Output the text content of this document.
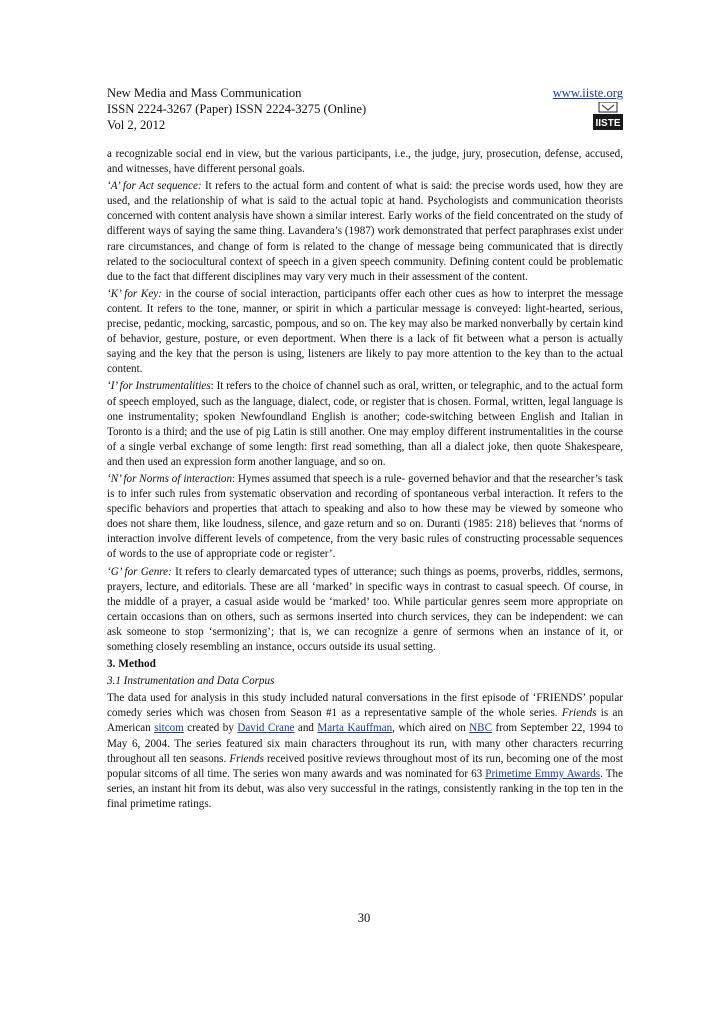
New Media and Mass Communication	www.iiste.org
ISSN 2224-3267 (Paper) ISSN 2224-3275 (Online)
Vol 2, 2012	IISTE

a recognizable social end in view, but the various participants, i.e., the judge, jury, prosecution, defense, accused, and witnesses, have different personal goals.

‘A’ for Act sequence: It refers to the actual form and content of what is said: the precise words used, how they are used, and the relationship of what is said to the actual topic at hand. Psychologists and communication theorists concerned with content analysis have shown a similar interest. Early works of the field concentrated on the study of different ways of saying the same thing. Lavandera’s (1987) work demonstrated that perfect paraphrases exist under rare circumstances, and change of form is related to the change of message being communicated that is directly related to the sociocultural context of speech in a given speech community. Defining content could be problematic due to the fact that different disciplines may vary very much in their assessment of the content.

‘K’ for Key: in the course of social interaction, participants offer each other cues as how to interpret the message content. It refers to the tone, manner, or spirit in which a particular message is conveyed: light-hearted, serious, precise, pedantic, mocking, sarcastic, pompous, and so on. The key may also be marked nonverbally by certain kind of behavior, gesture, posture, or even deportment. When there is a lack of fit between what a person is actually saying and the key that the person is using, listeners are likely to pay more attention to the key than to the actual content.

‘I’ for Instrumentalities: It refers to the choice of channel such as oral, written, or telegraphic, and to the actual form of speech employed, such as the language, dialect, code, or register that is chosen. Formal, written, legal language is one instrumentality; spoken Newfoundland English is another; code-switching between English and Italian in Toronto is a third; and the use of pig Latin is still another. One may employ different instrumentalities in the course of a single verbal exchange of some length: first read something, than all a dialect joke, then quote Shakespeare, and then used an expression form another language, and so on.

‘N’ for Norms of interaction: Hymes assumed that speech is a rule- governed behavior and that the researcher’s task is to infer such rules from systematic observation and recording of spontaneous verbal interaction. It refers to the specific behaviors and properties that attach to speaking and also to how these may be viewed by someone who does not share them, like loudness, silence, and gaze return and so on. Duranti (1985: 218) believes that ‘norms of interaction involve different levels of competence, from the very basic rules of constructing processable sequences of words to the use of appropriate code or register’.

‘G’ for Genre: It refers to clearly demarcated types of utterance; such things as poems, proverbs, riddles, sermons, prayers, lecture, and editorials. These are all ‘marked’ in specific ways in contrast to casual speech. Of course, in the middle of a prayer, a casual aside would be ‘marked’ too. While particular genres seem more appropriate on certain occasions than on others, such as sermons inserted into church services, they can be independent: we can ask someone to stop ‘sermonizing’; that is, we can recognize a genre of sermons when an instance of it, or something closely resembling an instance, occurs outside its usual setting.

3. Method

3.1 Instrumentation and Data Corpus

The data used for analysis in this study included natural conversations in the first episode of ‘FRIENDS’ popular comedy series which was chosen from Season #1 as a representative sample of the whole series. Friends is an American sitcom created by David Crane and Marta Kauffman, which aired on NBC from September 22, 1994 to May 6, 2004. The series featured six main characters throughout its run, with many other characters recurring throughout all ten seasons. Friends received positive reviews throughout most of its run, becoming one of the most popular sitcoms of all time. The series won many awards and was nominated for 63 Primetime Emmy Awards. The series, an instant hit from its debut, was also very successful in the ratings, consistently ranking in the top ten in the final primetime ratings.

30
